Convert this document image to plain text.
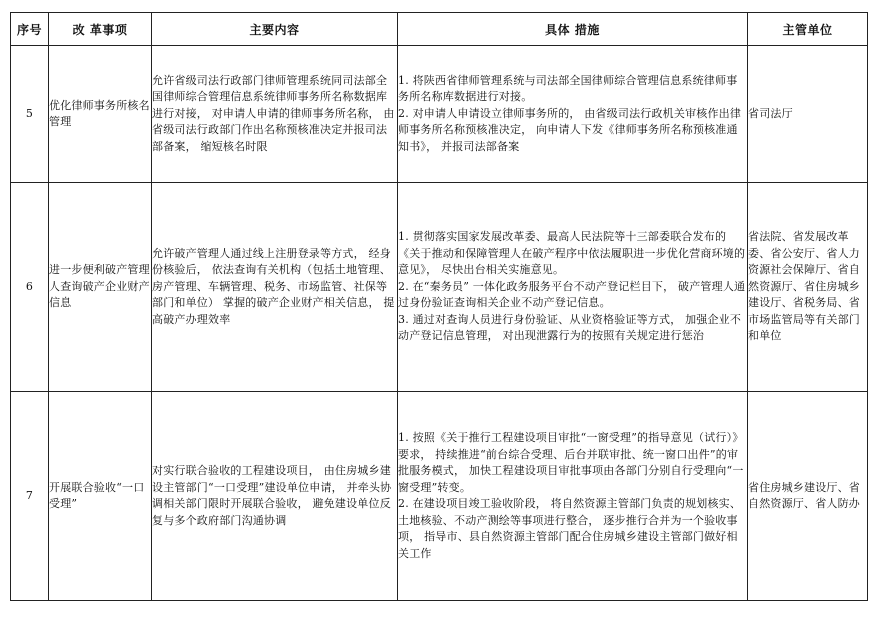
序号	改 革事项	主要内容	具体 措施	主管单位
5	优化律师事务所核名管理	允许省级司法行政部门律师管理系统同司法部全国律师综合管理信息系统律师事务所名称数据库进行对接， 对申请人申请的律师事务所名称， 由省级司法行政部门作出名称预核准决定并报司法部备案， 缩短核名时限	1. 将陕西省律师管理系统与司法部全国律师综合管理信息系统律师事务所名称库数据进行对接。

2. 对申请人申请设立律师事务所的， 由省级司法行政机关审核作出律师事务所名称预核准决定， 向申请人下发《律师事务所名称预核准通知书》， 并报司法部备案	省司法厅
6	进一步便利破产管理人查询破产企业财产信息	允许破产管理人通过线上注册登录等方式， 经身份核验后， 依法查询有关机构（包括土地管理、房产管理、车辆管理、税务、市场监管、社保等部门和单位） 掌握的破产企业财产相关信息， 提高破产办理效率	1. 贯彻落实国家发展改革委、最高人民法院等十三部委联合发布的《关于推动和保障管理人在破产程序中依法履职进一步优化营商环境的意见》， 尽快出台相关实施意见。

2. 在“秦务员” 一体化政务服务平台不动产登记栏目下， 破产管理人通过身份验证查询相关企业不动产登记信息。

3. 通过对查询人员进行身份验证、从业资格验证等方式， 加强企业不动产登记信息管理， 对出现泄露行为的按照有关规定进行惩治	省法院、省发展改革委、省公安厅、省人力资源社会保障厅、省自然资源厅、省住房城乡建设厅、省税务局、省市场监管局等有关部门和单位
7	开展联合验收“一口受理”	对实行联合验收的工程建设项目， 由住房城乡建设主管部门“一口受理”建设单位申请， 并牵头协调相关部门限时开展联合验收， 避免建设单位反复与多个政府部门沟通协调	1. 按照《关于推行工程建设项目审批“一窗受理”的指导意见（试行）》要求， 持续推进“前台综合受理、后台并联审批、统一窗口出件”的审批服务模式， 加快工程建设项目审批事项由各部门分别自行受理向“一窗受理”转变。

2. 在建设项目竣工验收阶段， 将自然资源主管部门负责的规划核实、土地核验、不动产测绘等事项进行整合， 逐步推行合并为一个验收事项， 指导市、县自然资源主管部门配合住房城乡建设主管部门做好相关工作	省住房城乡建设厅、省自然资源厅、省人防办
